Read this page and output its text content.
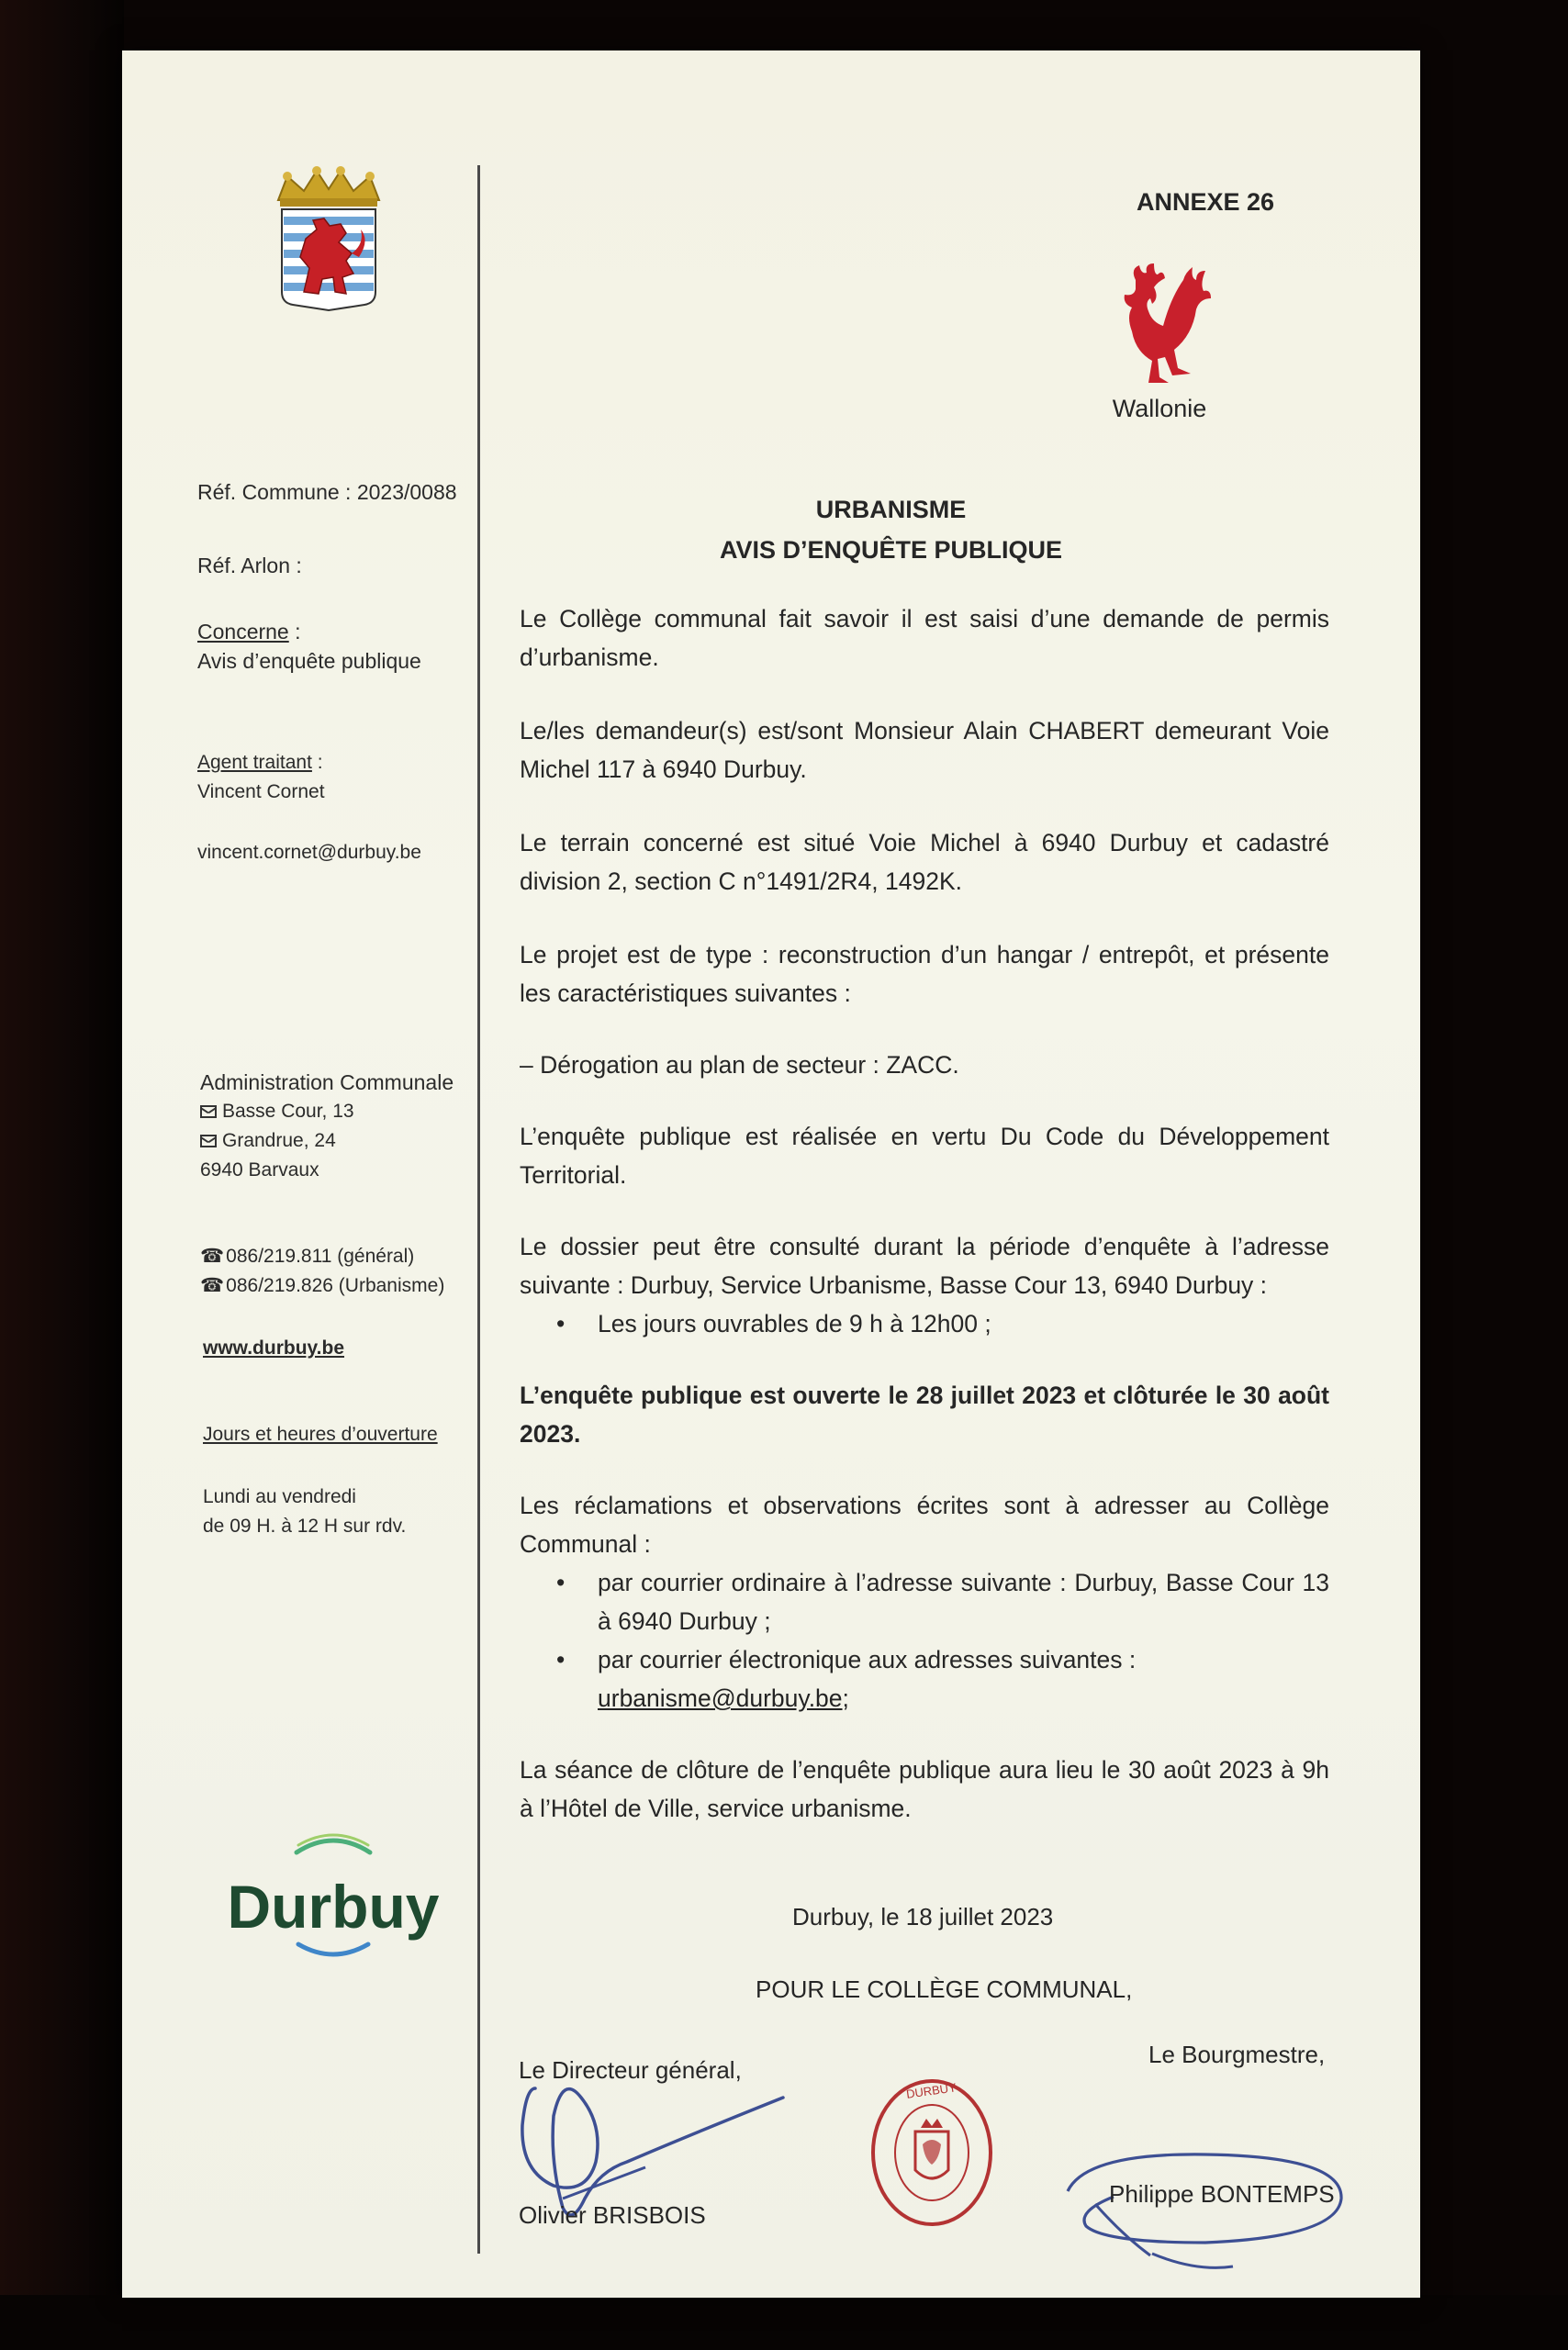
Réf. Commune : 2023/0088
Réf. Arlon :
Concerne :
Avis d’enquête publique
Agent traitant :
Vincent Cornet
vincent.cornet@durbuy.be
Administration Communale
Basse Cour, 13
Grandrue, 24
6940 Barvaux
☎086/219.811 (général)
☎086/219.826 (Urbanisme)
www.durbuy.be
Jours et heures d’ouverture
Lundi au vendredi
de 09 H. à 12 H sur rdv.
Durbuy
ANNEXE 26
Wallonie
URBANISME
AVIS D’ENQUÊTE PUBLIQUE

Le Collège communal fait savoir il est saisi d’une demande de permis d’urbanisme.

Le/les demandeur(s) est/sont Monsieur Alain CHABERT demeurant Voie Michel 117 à 6940 Durbuy.

Le terrain concerné est situé Voie Michel à 6940 Durbuy et cadastré division 2, section C n°1491/2R4, 1492K.

Le projet est de type : reconstruction d’un hangar / entrepôt, et présente les caractéristiques suivantes :

– Dérogation au plan de secteur : ZACC.

L’enquête publique est réalisée en vertu Du Code du Développement Territorial.

Le dossier peut être consulté durant la période d’enquête à l’adresse suivante : Durbuy, Service Urbanisme, Basse Cour 13, 6940 Durbuy :

• Les jours ouvrables de 9 h à 12h00 ;

L’enquête publique est ouverte le 28 juillet 2023 et clôturée le 30 août 2023.

Les réclamations et observations écrites sont à adresser au Collège Communal :

• par courrier ordinaire à l’adresse suivante : Durbuy, Basse Cour 13 à 6940 Durbuy ;
• par courrier électronique aux adresses suivantes :
urbanisme@durbuy.be;

La séance de clôture de l’enquête publique aura lieu le 30 août 2023 à 9h à l’Hôtel de Ville, service urbanisme.

Durbuy, le 18 juillet 2023
POUR LE COLLÈGE COMMUNAL,
Le Directeur général,
Le Bourgmestre,
DURBUY
Olivier BRISBOIS
Philippe BONTEMPS
